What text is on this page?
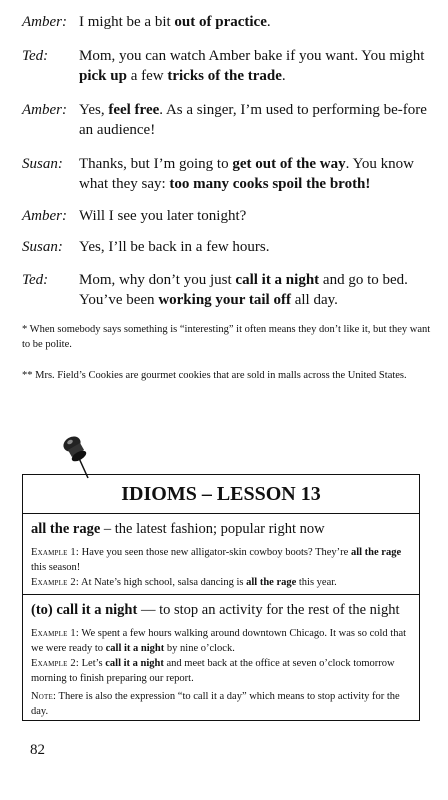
Amber: I might be a bit out of practice.
Ted: Mom, you can watch Amber bake if you want. You might pick up a few tricks of the trade.
Amber: Yes, feel free. As a singer, I’m used to performing be-fore an audience!
Susan: Thanks, but I’m going to get out of the way. You know what they say: too many cooks spoil the broth!
Amber: Will I see you later tonight?
Susan: Yes, I’ll be back in a few hours.
Ted: Mom, why don’t you just call it a night and go to bed. You’ve been working your tail off all day.
* When somebody says something is “interesting” it often means they don’t like it, but they want to be polite.
** Mrs. Field’s Cookies are gourmet cookies that are sold in malls across the United States.
IDIOMS – LESSON 13
all the rage – the latest fashion; popular right now
Example 1: Have you seen those new alligator-skin cowboy boots? They’re all the rage this season!
Example 2: At Nate’s high school, salsa dancing is all the rage this year.
(to) call it a night — to stop an activity for the rest of the night
Example 1: We spent a few hours walking around downtown Chicago. It was so cold that we were ready to call it a night by nine o’clock.
Example 2: Let’s call it a night and meet back at the office at seven o’clock tomorrow morning to finish preparing our report.
Note: There is also the expression “to call it a day” which means to stop activity for the day.
82
